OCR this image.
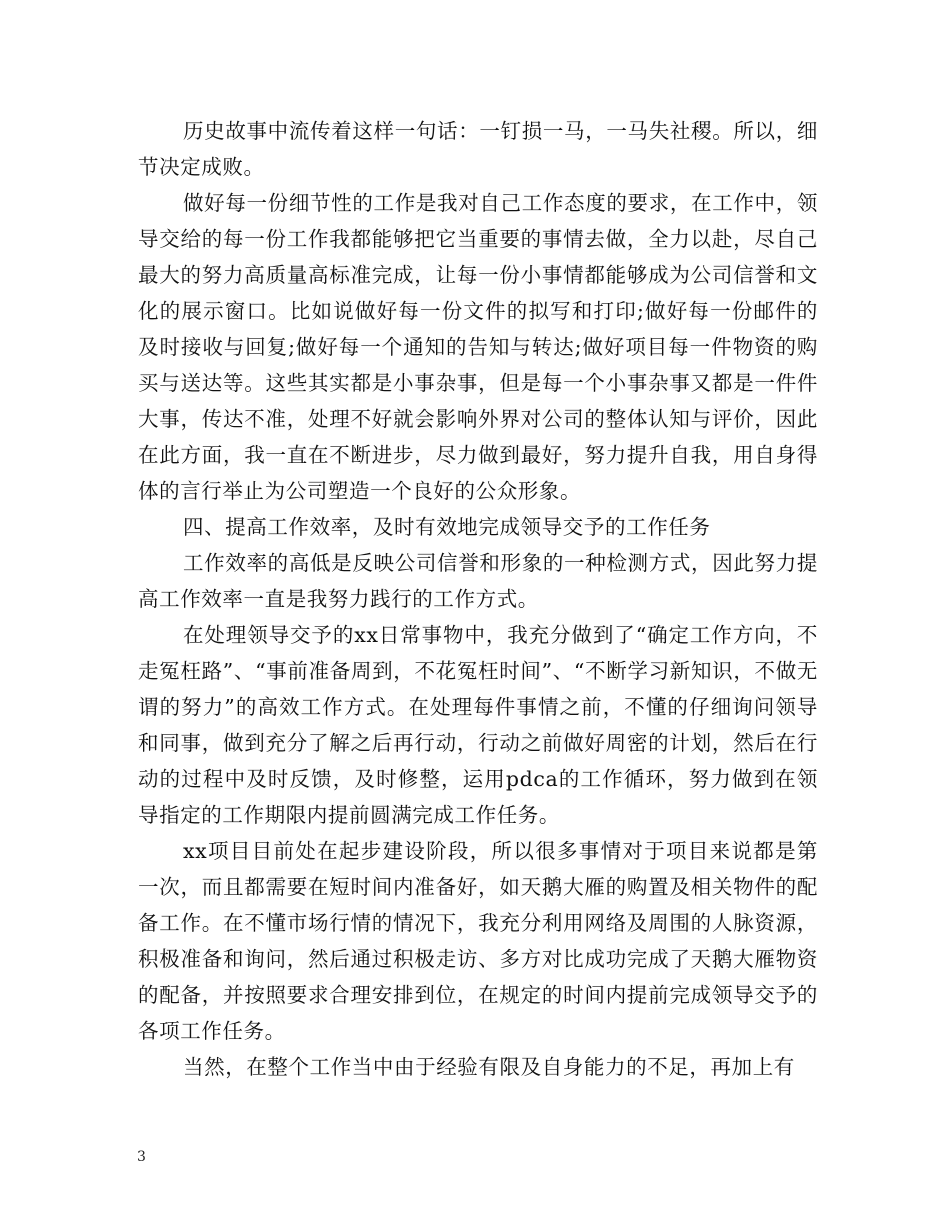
历史故事中流传着这样一句话：一钉损一马，一马失社稷。所以，细节决定成败。

做好每一份细节性的工作是我对自己工作态度的要求，在工作中，领导交给的每一份工作我都能够把它当重要的事情去做，全力以赴，尽自己最大的努力高质量高标准完成，让每一份小事情都能够成为公司信誉和文化的展示窗口。比如说做好每一份文件的拟写和打印;做好每一份邮件的及时接收与回复;做好每一个通知的告知与转达;做好项目每一件物资的购买与送达等。这些其实都是小事杂事，但是每一个小事杂事又都是一件件大事，传达不准，处理不好就会影响外界对公司的整体认知与评价，因此在此方面，我一直在不断进步，尽力做到最好，努力提升自我，用自身得体的言行举止为公司塑造一个良好的公众形象。

四、提高工作效率，及时有效地完成领导交予的工作任务

工作效率的高低是反映公司信誉和形象的一种检测方式，因此努力提高工作效率一直是我努力践行的工作方式。

在处理领导交予的xx日常事物中，我充分做到了“确定工作方向，不走冤枉路”、“事前准备周到，不花冤枉时间”、“不断学习新知识，不做无谓的努力”的高效工作方式。在处理每件事情之前，不懂的仔细询问领导和同事，做到充分了解之后再行动，行动之前做好周密的计划，然后在行动的过程中及时反馈，及时修整，运用pdca的工作循环，努力做到在领导指定的工作期限内提前圆满完成工作任务。

xx项目目前处在起步建设阶段，所以很多事情对于项目来说都是第一次，而且都需要在短时间内准备好，如天鹅大雁的购置及相关物件的配备工作。在不懂市场行情的情况下，我充分利用网络及周围的人脉资源，积极准备和询问，然后通过积极走访、多方对比成功完成了天鹅大雁物资的配备，并按照要求合理安排到位，在规定的时间内提前完成领导交予的各项工作任务。

当然，在整个工作当中由于经验有限及自身能力的不足，再加上有

3
